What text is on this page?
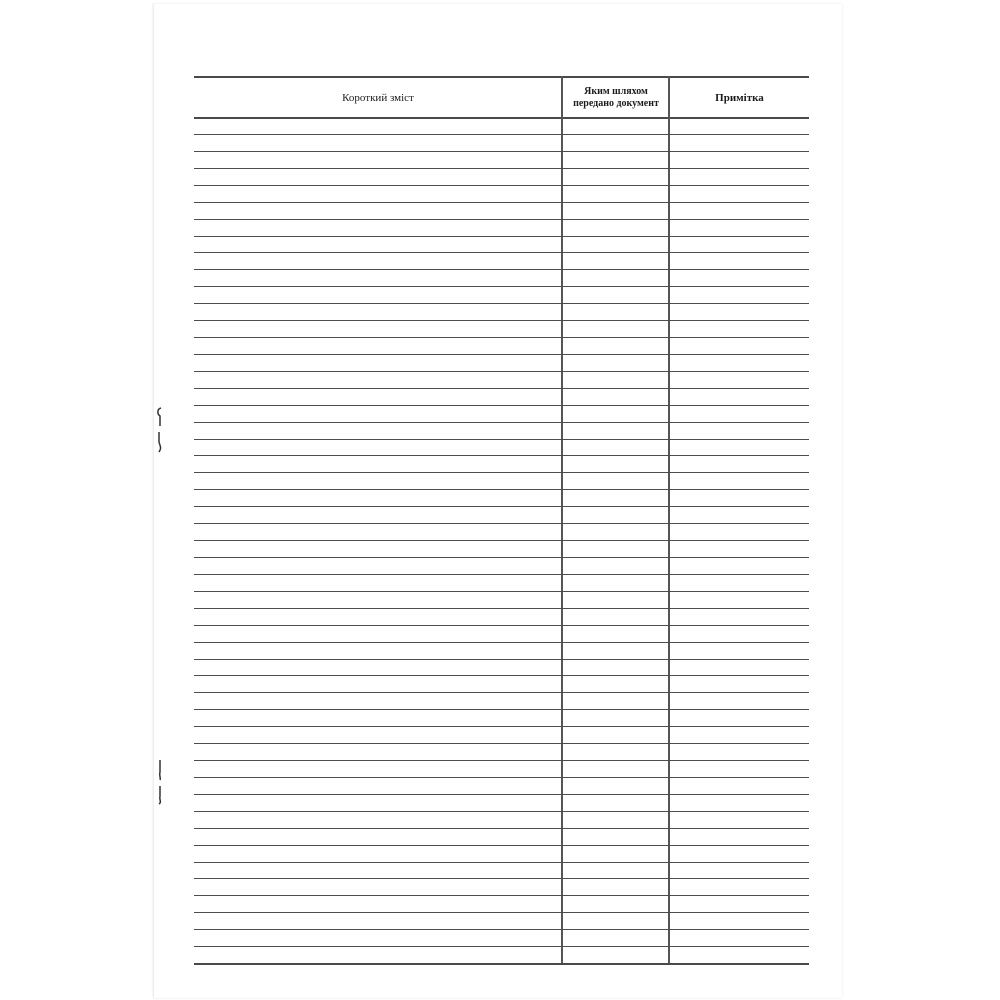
Короткий зміст
Яким шляхом передано документ	Примітка
